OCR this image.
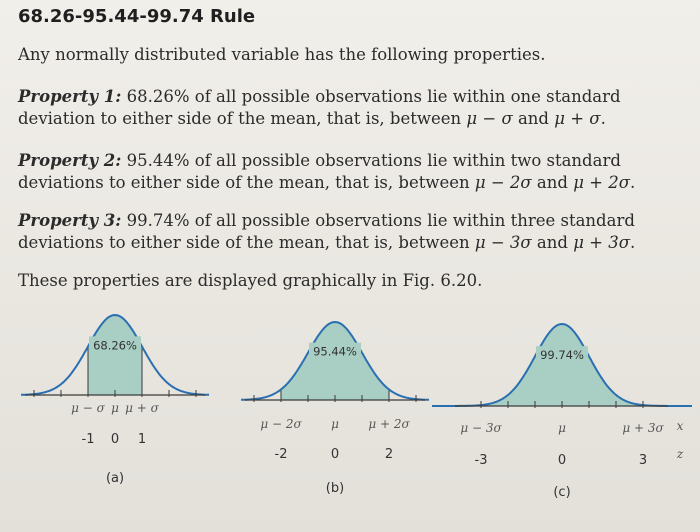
68.26-95.44-99.74 Rule
Any normally distributed variable has the following properties.
Property 1: 68.26% of all possible observations lie within one standard deviation to either side of the mean, that is, between μ − σ and μ + σ.
Property 2: 95.44% of all possible observations lie within two standard deviations to either side of the mean, that is, between μ − 2σ and μ + 2σ.
Property 3: 99.74% of all possible observations lie within three standard deviations to either side of the mean, that is, between μ − 3σ and μ + 3σ.
These properties are displayed graphically in Fig. 6.20.
68.26%
μ − σ μ μ + σ
-1 0 1
(a)
95.44%
μ − 2σ μ μ + 2σ
-2	0	2
(b)
99.74%
μ − 3σ	μ	μ + 3σ
-3	0	3
x
z
(c)
